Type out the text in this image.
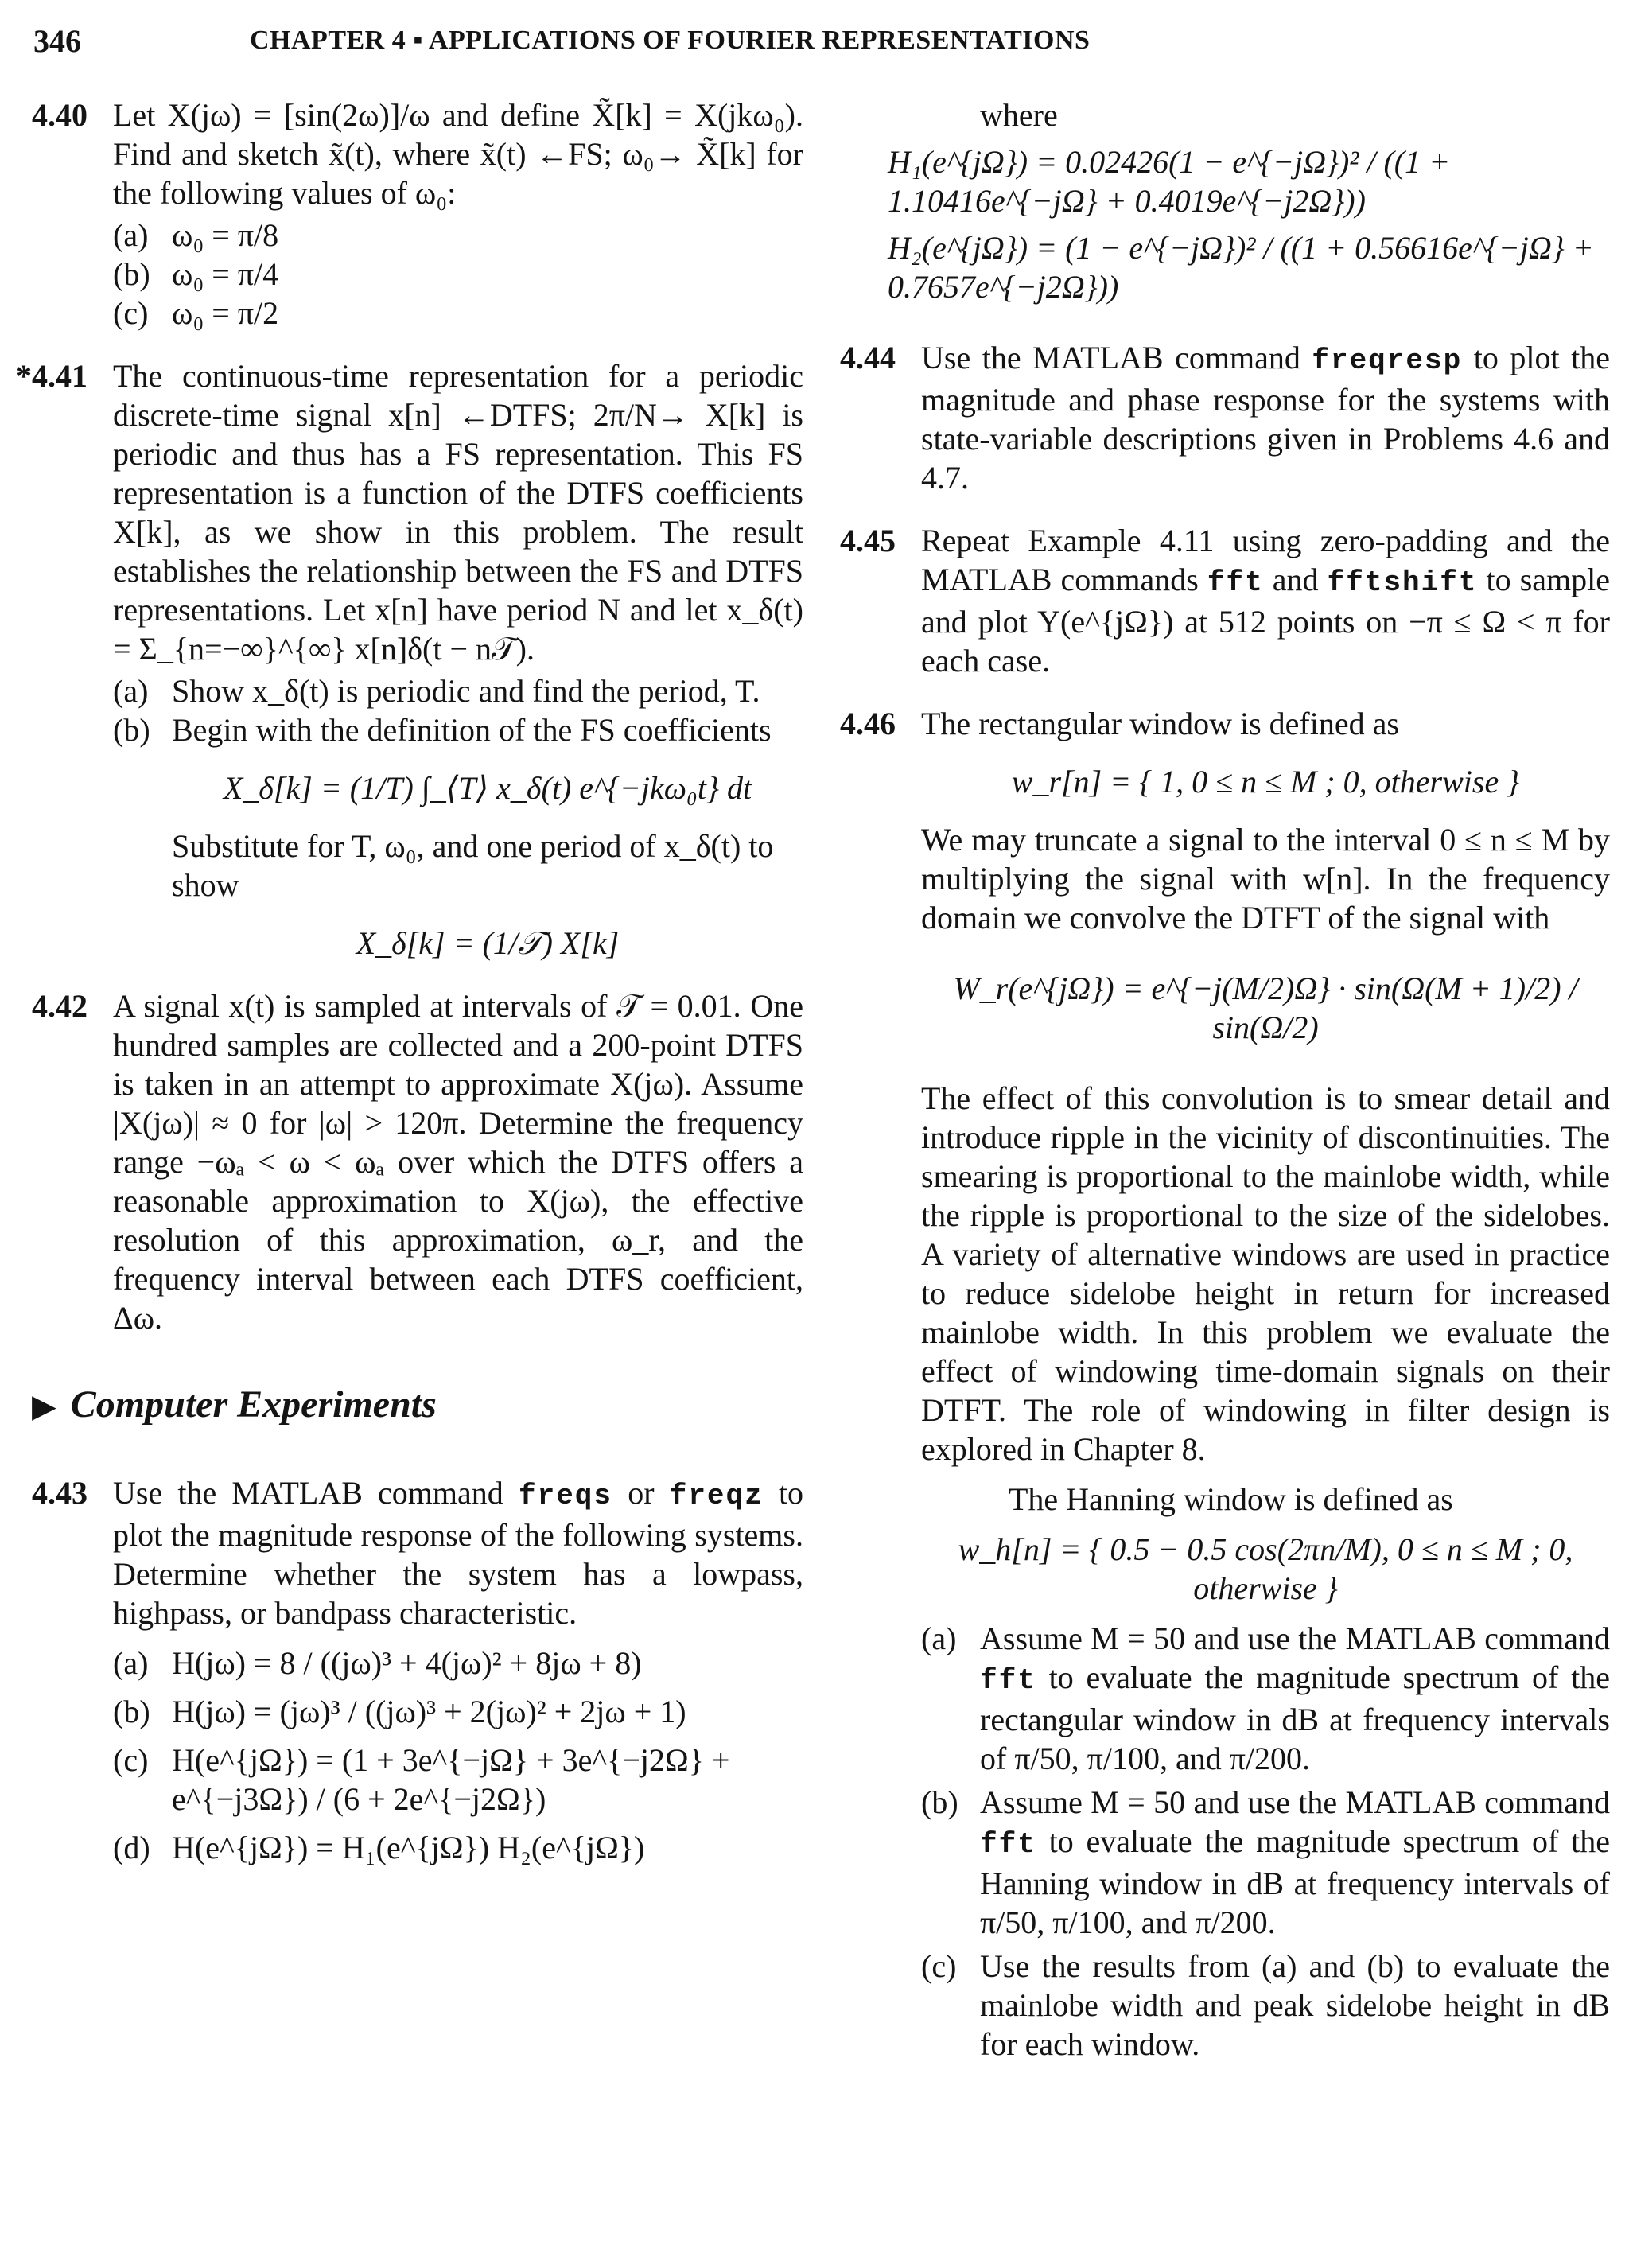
346	CHAPTER 4 ▪ APPLICATIONS OF FOURIER REPRESENTATIONS
4.40 Let X(jω) = [sin(2ω)]/ω and define X̃[k] = X(jkω₀). Find and sketch x̃(t), where x̃(t) ←FS; ω₀→ X̃[k] for the following values of ω₀:
(a) ω₀ = π/8
(b) ω₀ = π/4
(c) ω₀ = π/2
*4.41 The continuous-time representation for a periodic discrete-time signal x[n] ←DTFS; 2π/N→ X[k] is periodic and thus has a FS representation. This FS representation is a function of the DTFS coefficients X[k], as we show in this problem. The result establishes the relationship between the FS and DTFS representations. Let x[n] have period N and let x_δ(t) = Σ_{n=−∞}^{∞} x[n]δ(t − n𝒯).
(a) Show x_δ(t) is periodic and find the period, T.
(b) Begin with the definition of the FS coefficients
X_δ[k] = (1/T) ∫_⟨T⟩ x_δ(t) e^{−jkω₀t} dt
Substitute for T, ω₀, and one period of x_δ(t) to show
X_δ[k] = (1/𝒯) X[k]
4.42 A signal x(t) is sampled at intervals of 𝒯 = 0.01. One hundred samples are collected and a 200-point DTFS is taken in an attempt to approximate X(jω). Assume |X(jω)| ≈ 0 for |ω| > 120π. Determine the frequency range −ωₐ < ω < ωₐ over which the DTFS offers a reasonable approximation to X(jω), the effective resolution of this approximation, ω_r, and the frequency interval between each DTFS coefficient, Δω.
▶ Computer Experiments
4.43 Use the MATLAB command freqs or freqz to plot the magnitude response of the following systems. Determine whether the system has a lowpass, highpass, or bandpass characteristic.
(a) H(jω) = 8 / ((jω)³ + 4(jω)² + 8jω + 8)
(b) H(jω) = (jω)³ / ((jω)³ + 2(jω)² + 2jω + 1)
(c) H(e^{jΩ}) = (1 + 3e^{−jΩ} + 3e^{−j2Ω} + e^{−j3Ω}) / (6 + 2e^{−j2Ω})
(d) H(e^{jΩ}) = H₁(e^{jΩ}) H₂(e^{jΩ})
where
H₁(e^{jΩ}) = 0.02426(1 − e^{−jΩ})² / ((1 + 1.10416e^{−jΩ} + 0.4019e^{−j2Ω}))
H₂(e^{jΩ}) = (1 − e^{−jΩ})² / ((1 + 0.56616e^{−jΩ} + 0.7657e^{−j2Ω}))
4.44 Use the MATLAB command freqresp to plot the magnitude and phase response for the systems with state-variable descriptions given in Problems 4.6 and 4.7.
4.45 Repeat Example 4.11 using zero-padding and the MATLAB commands fft and fftshift to sample and plot Y(e^{jΩ}) at 512 points on −π ≤ Ω < π for each case.
4.46 The rectangular window is defined as
w_r[n] = { 1, 0 ≤ n ≤ M ; 0, otherwise }
We may truncate a signal to the interval 0 ≤ n ≤ M by multiplying the signal with w[n]. In the frequency domain we convolve the DTFT of the signal with
W_r(e^{jΩ}) = e^{−j(M/2)Ω} · sin(Ω(M + 1)/2) / sin(Ω/2)
The effect of this convolution is to smear detail and introduce ripple in the vicinity of discontinuities. The smearing is proportional to the mainlobe width, while the ripple is proportional to the size of the sidelobes. A variety of alternative windows are used in practice to reduce sidelobe height in return for increased mainlobe width. In this problem we evaluate the effect of windowing time-domain signals on their DTFT. The role of windowing in filter design is explored in Chapter 8.
The Hanning window is defined as
w_h[n] = { 0.5 − 0.5 cos(2πn/M), 0 ≤ n ≤ M ; 0, otherwise }
(a) Assume M = 50 and use the MATLAB command fft to evaluate the magnitude spectrum of the rectangular window in dB at frequency intervals of π/50, π/100, and π/200.
(b) Assume M = 50 and use the MATLAB command fft to evaluate the magnitude spectrum of the Hanning window in dB at frequency intervals of π/50, π/100, and π/200.
(c) Use the results from (a) and (b) to evaluate the mainlobe width and peak sidelobe height in dB for each window.
